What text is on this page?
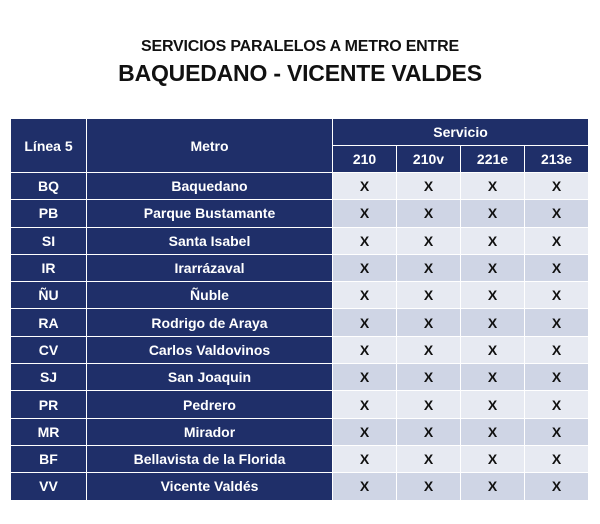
SERVICIOS PARALELOS A METRO ENTRE
BAQUEDANO - VICENTE VALDES
Línea 5	Metro	Servicio			
		210	210v	221e	213e
BQ	Baquedano	X	X	X	X
PB	Parque Bustamante	X	X	X	X
SI	Santa Isabel	X	X	X	X
IR	Irarrázaval	X	X	X	X
ÑU	Ñuble	X	X	X	X
RA	Rodrigo de Araya	X	X	X	X
CV	Carlos Valdovinos	X	X	X	X
SJ	San Joaquin	X	X	X	X
PR	Pedrero	X	X	X	X
MR	Mirador	X	X	X	X
BF	Bellavista de la Florida	X	X	X	X
VV	Vicente Valdés	X	X	X	X
